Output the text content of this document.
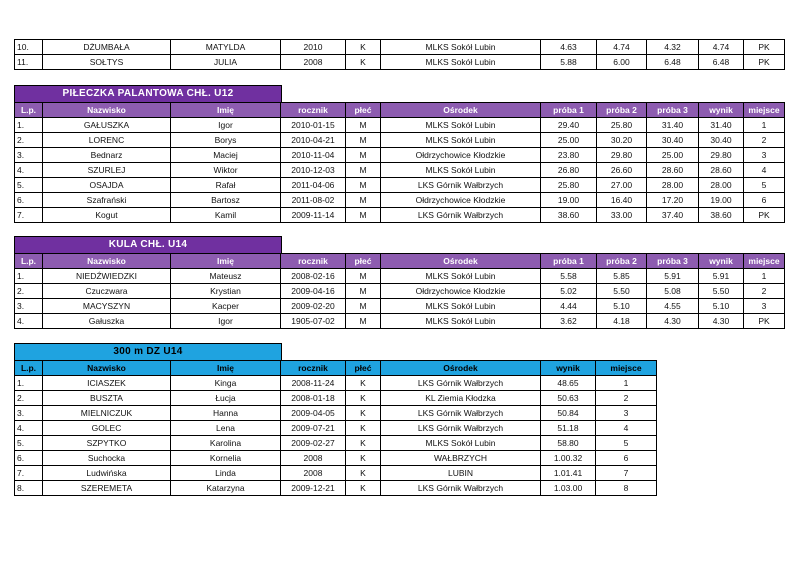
10.	DŻUMBAŁA	MATYLDA	2010	K	MLKS Sokół Lubin	4.63	4.74	4.32	4.74	PK
11.	SOŁTYS	JULIA	2008	K	MLKS Sokół Lubin	5.88	6.00	6.48	6.48	PK
PIŁECZKA PALANTOWA CHŁ. U12
L.p.	Nazwisko	Imię	rocznik	płeć	Ośrodek	próba 1	próba 2	próba 3	wynik	miejsce
1.	GAŁUSZKA	Igor	2010-01-15	M	MLKS Sokół Lubin	29.40	25.80	31.40	31.40	1
2.	LORENC	Borys	2010-04-21	M	MLKS Sokół Lubin	25.00	30.20	30.40	30.40	2
3.	Bednarz	Maciej	2010-11-04	M	Ołdrzychowice Kłodzkie	23.80	29.80	25.00	29.80	3
4.	SZURLEJ	Wiktor	2010-12-03	M	MLKS Sokół Lubin	26.80	26.60	28.60	28.60	4
5.	OSAJDA	Rafał	2011-04-06	M	LKS Górnik Wałbrzych	25.80	27.00	28.00	28.00	5
6.	Szafrański	Bartosz	2011-08-02	M	Ołdrzychowice Kłodzkie	19.00	16.40	17.20	19.00	6
7.	Kogut	Kamil	2009-11-14	M	LKS Górnik Wałbrzych	38.60	33.00	37.40	38.60	PK
KULA CHŁ. U14
L.p.	Nazwisko	Imię	rocznik	płeć	Ośrodek	próba 1	próba 2	próba 3	wynik	miejsce
1.	NIEDŹWIEDZKI	Mateusz	2008-02-16	M	MLKS Sokół Lubin	5.58	5.85	5.91	5.91	1
2.	Czuczwara	Krystian	2009-04-16	M	Ołdrzychowice Kłodzkie	5.02	5.50	5.08	5.50	2
3.	MACYSZYN	Kacper	2009-02-20	M	MLKS Sokół Lubin	4.44	5.10	4.55	5.10	3
4.	Gałuszka	Igor	1905-07-02	M	MLKS Sokół Lubin	3.62	4.18	4.30	4.30	PK
300 m DZ U14
L.p.	Nazwisko	Imię	rocznik	płeć	Ośrodek	wynik	miejsce
1.	ICIASZEK	Kinga	2008-11-24	K	LKS Górnik Wałbrzych	48.65	1
2.	BUSZTA	Łucja	2008-01-18	K	KL Ziemia Kłodzka	50.63	2
3.	MIELNICZUK	Hanna	2009-04-05	K	LKS Górnik Wałbrzych	50.84	3
4.	GOLEC	Lena	2009-07-21	K	LKS Górnik Wałbrzych	51.18	4
5.	SZPYTKO	Karolina	2009-02-27	K	MLKS Sokół Lubin	58.80	5
6.	Suchocka	Kornelia	2008	K	WAŁBRZYCH	1.00.32	6
7.	Ludwińska	Linda	2008	K	LUBIN	1.01.41	7
8.	SZEREMETA	Katarzyna	2009-12-21	K	LKS Górnik Wałbrzych	1.03.00	8
